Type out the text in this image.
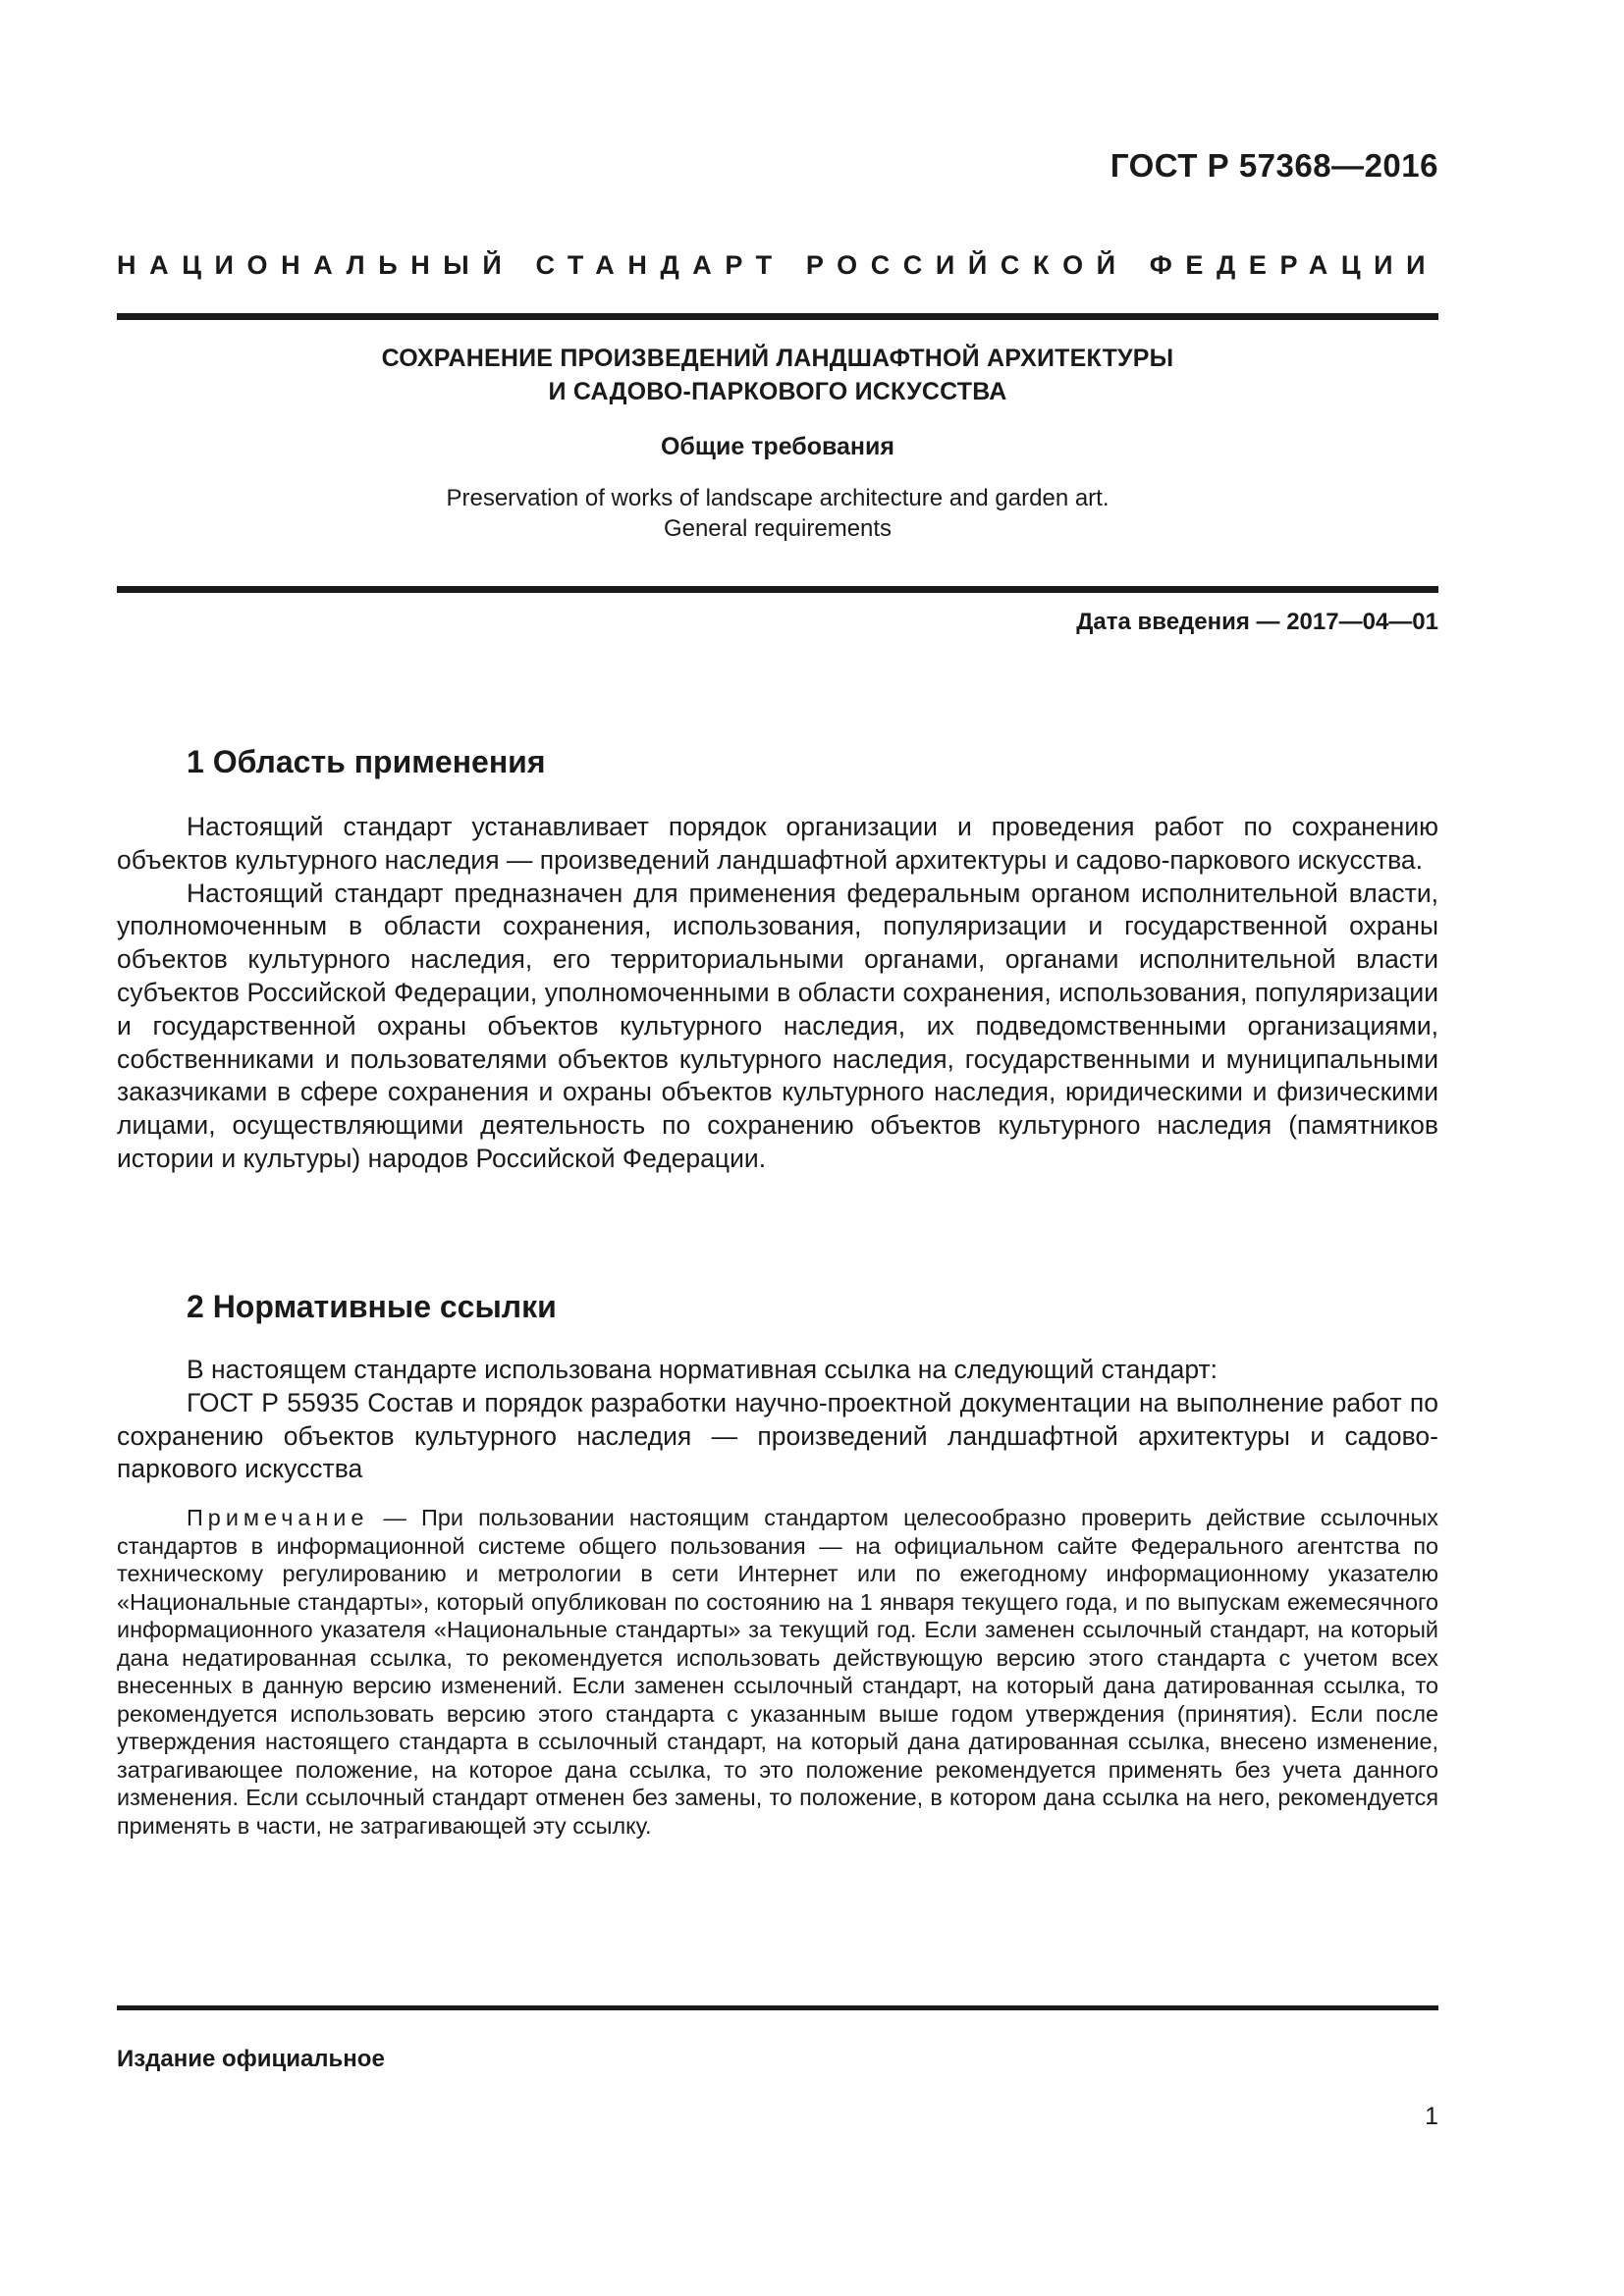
ГОСТ Р 57368—2016
НАЦИОНАЛЬНЫЙ СТАНДАРТ РОССИЙСКОЙ ФЕДЕРАЦИИ
СОХРАНЕНИЕ ПРОИЗВЕДЕНИЙ ЛАНДШАФТНОЙ АРХИТЕКТУРЫ
И САДОВО-ПАРКОВОГО ИСКУССТВА
Общие требования
Preservation of works of landscape architecture and garden art.
General requirements
Дата введения — 2017—04—01
1 Область применения

Настоящий стандарт устанавливает порядок организации и проведения работ по сохранению объектов культурного наследия — произведений ландшафтной архитектуры и садово-паркового искусства.

Настоящий стандарт предназначен для применения федеральным органом исполнительной власти, уполномоченным в области сохранения, использования, популяризации и государственной охраны объектов культурного наследия, его территориальными органами, органами исполнительной власти субъектов Российской Федерации, уполномоченными в области сохранения, использования, популяризации и государственной охраны объектов культурного наследия, их подведомственными организациями, собственниками и пользователями объектов культурного наследия, государственными и муниципальными заказчиками в сфере сохранения и охраны объектов культурного наследия, юридическими и физическими лицами, осуществляющими деятельность по сохранению объектов культурного наследия (памятников истории и культуры) народов Российской Федерации.

2 Нормативные ссылки

В настоящем стандарте использована нормативная ссылка на следующий стандарт:

ГОСТ Р 55935 Состав и порядок разработки научно-проектной документации на выполнение работ по сохранению объектов культурного наследия — произведений ландшафтной архитектуры и садово-паркового искусства

Примечание — При пользовании настоящим стандартом целесообразно проверить действие ссылочных стандартов в информационной системе общего пользования — на официальном сайте Федерального агентства по техническому регулированию и метрологии в сети Интернет или по ежегодному информационному указателю «Национальные стандарты», который опубликован по состоянию на 1 января текущего года, и по выпускам ежемесячного информационного указателя «Национальные стандарты» за текущий год. Если заменен ссылочный стандарт, на который дана недатированная ссылка, то рекомендуется использовать действующую версию этого стандарта с учетом всех внесенных в данную версию изменений. Если заменен ссылочный стандарт, на который дана датированная ссылка, то рекомендуется использовать версию этого стандарта с указанным выше годом утверждения (принятия). Если после утверждения настоящего стандарта в ссылочный стандарт, на который дана датированная ссылка, внесено изменение, затрагивающее положение, на которое дана ссылка, то это положение рекомендуется применять без учета данного изменения. Если ссылочный стандарт отменен без замены, то положение, в котором дана ссылка на него, рекомендуется применять в части, не затрагивающей эту ссылку.
Издание официальное
1
